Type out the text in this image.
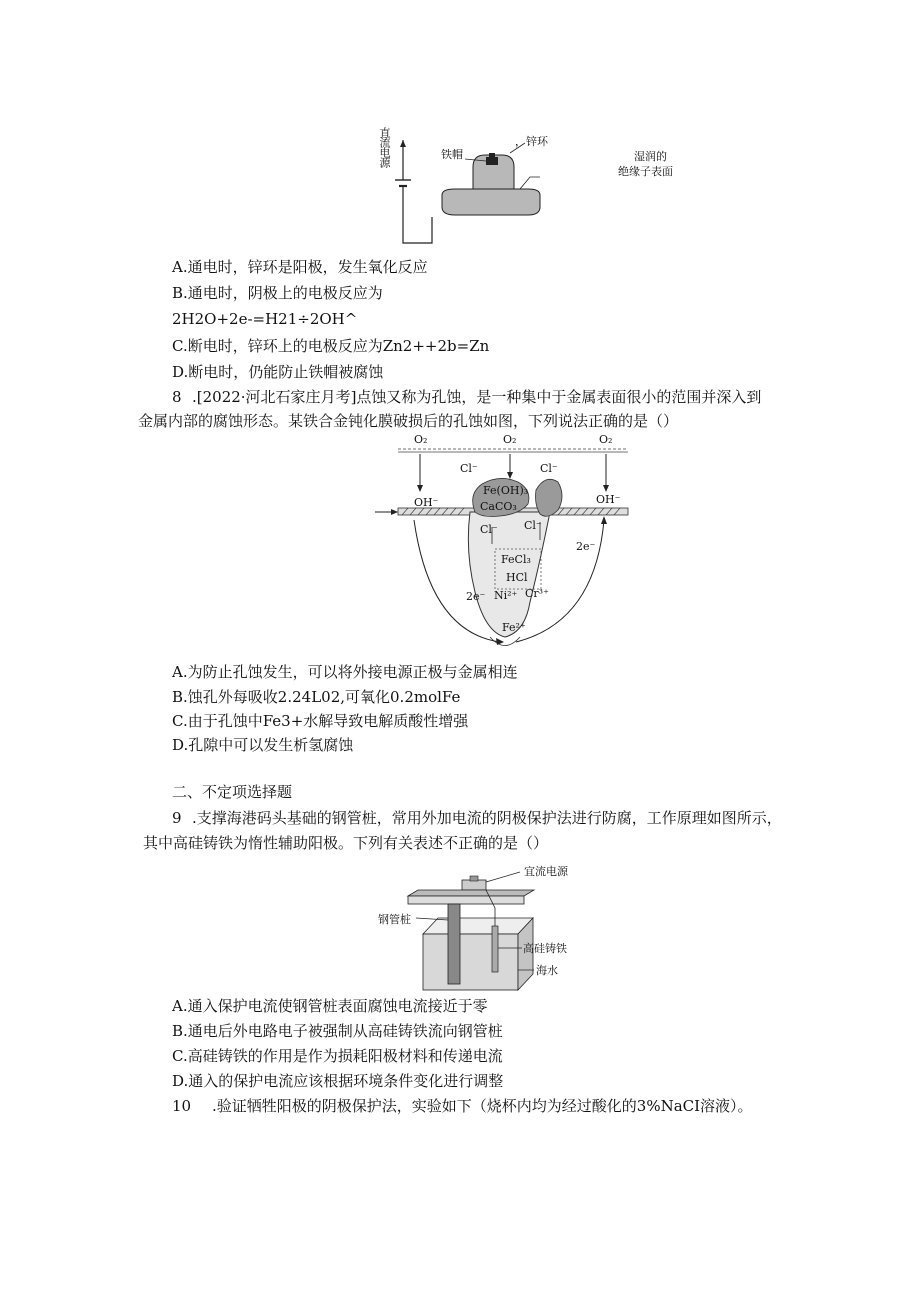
直流电源	铁帽
，锌环
湿润的
绝缘子表面
A.通电时，锌环是阳极，发生氧化反应
B.通电时，阴极上的电极反应为
2H2O+2e-=H21÷2OH^
C.断电时，锌环上的电极反应为Zn2++2b=Zn
D.断电时，仍能防止铁帽被腐蚀
8 .[2022·河北石家庄月考]点蚀又称为孔蚀，是一种集中于金属表面很小的范围并深入到
金属内部的腐蚀形态。某铁合金钝化膜破损后的孔蚀如图，下列说法正确的是（）
O₂	O₂	O₂
Cl⁻	Cl⁻
OH⁻	OH⁻
Fe(OH)₃
CaCO₃
Cl⁻ Cl⁻
FeCl₃
HCl
Ni²⁺ Cr³⁺
Fe²⁺
2e⁻
2e⁻
A.为防止孔蚀发生，可以将外接电源正极与金属相连
B.蚀孔外每吸收2.24L02,可氧化0.2molFe
C.由于孔蚀中Fe3+水解导致电解质酸性增强
D.孔隙中可以发生析氢腐蚀
二、不定项选择题
9 .支撑海港码头基础的钢管桩，常用外加电流的阴极保护法进行防腐，工作原理如图所示，
其中高硅铸铁为惰性辅助阳极。下列有关表述不正确的是（）
宜流电源
钢管桩
高硅铸铁
海水
A.通入保护电流使钢管桩表面腐蚀电流接近于零
B.通电后外电路电子被强制从高硅铸铁流向钢管桩
C.高硅铸铁的作用是作为损耗阳极材料和传递电流
D.通入的保护电流应该根据环境条件变化进行调整
10 .验证牺牲阳极的阴极保护法，实验如下（烧杯内均为经过酸化的3%NaCI溶液）。
